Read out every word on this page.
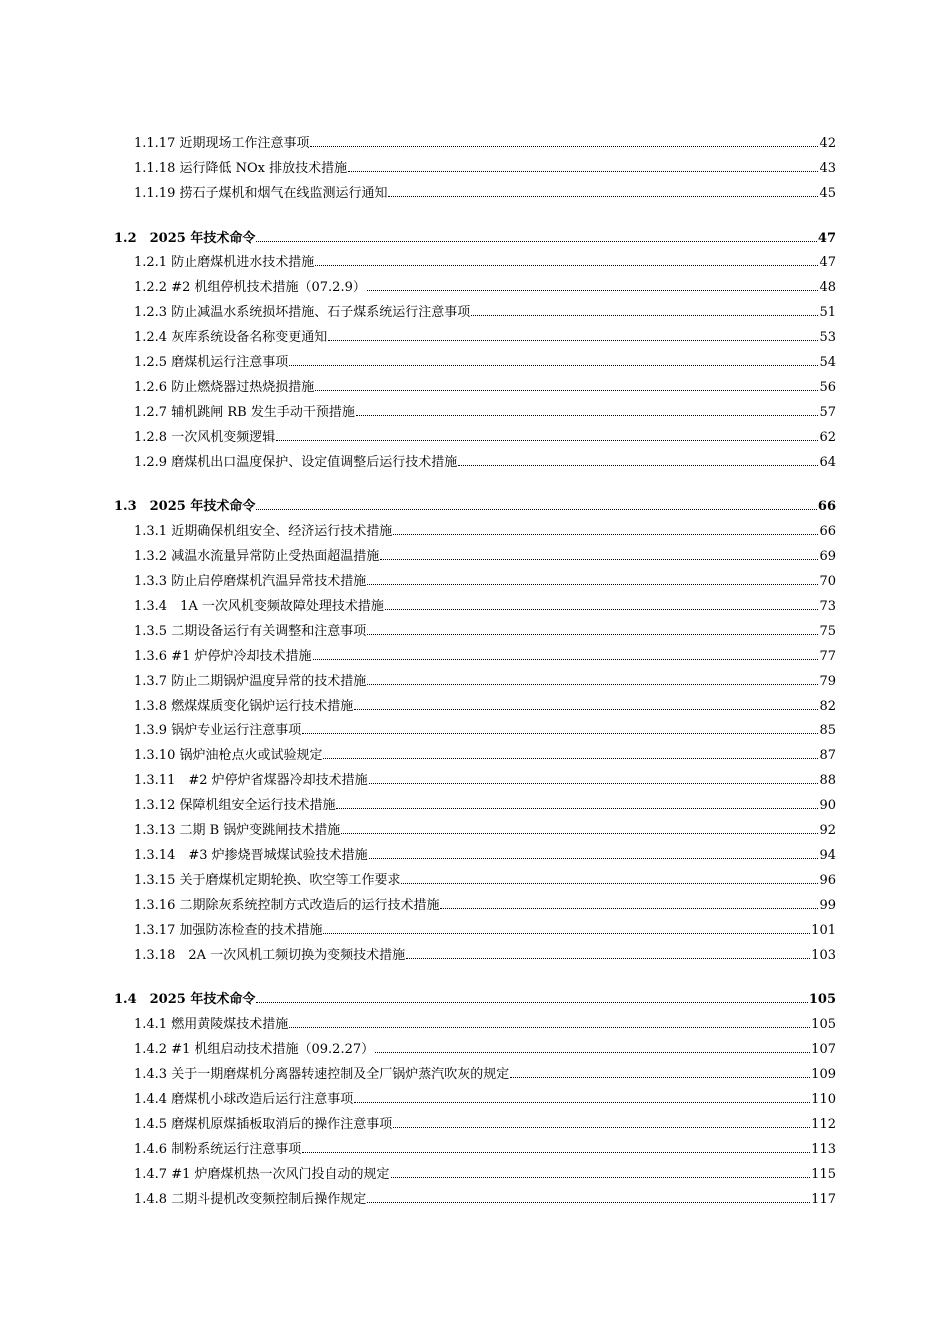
1.1.17 近期现场工作注意事项	42
1.1.18 运行降低 NOx 排放技术措施	43
1.1.19 捞石子煤机和烟气在线监测运行通知	45
1.2　2025 年技术命令	47
1.2.1 防止磨煤机进水技术措施	47
1.2.2 #2 机组停机技术措施（07.2.9）	48
1.2.3 防止减温水系统损坏措施、石子煤系统运行注意事项	51
1.2.4 灰库系统设备名称变更通知	53
1.2.5 磨煤机运行注意事项	54
1.2.6 防止燃烧器过热烧损措施	56
1.2.7 辅机跳闸 RB 发生手动干预措施	57
1.2.8 一次风机变频逻辑	62
1.2.9 磨煤机出口温度保护、设定值调整后运行技术措施	64
1.3　2025 年技术命令	66
1.3.1 近期确保机组安全、经济运行技术措施	66
1.3.2 减温水流量异常防止受热面超温措施	69
1.3.3 防止启停磨煤机汽温异常技术措施	70
1.3.4　1A 一次风机变频故障处理技术措施	73
1.3.5 二期设备运行有关调整和注意事项	75
1.3.6 #1 炉停炉冷却技术措施	77
1.3.7 防止二期锅炉温度异常的技术措施	79
1.3.8 燃煤煤质变化锅炉运行技术措施	82
1.3.9 锅炉专业运行注意事项	85
1.3.10 锅炉油枪点火或试验规定	87
1.3.11　#2 炉停炉省煤器冷却技术措施	88
1.3.12 保障机组安全运行技术措施	90
1.3.13 二期 B 锅炉变跳闸技术措施	92
1.3.14　#3 炉掺烧晋城煤试验技术措施	94
1.3.15 关于磨煤机定期轮换、吹空等工作要求	96
1.3.16 二期除灰系统控制方式改造后的运行技术措施	99
1.3.17 加强防冻检查的技术措施	101
1.3.18　2A 一次风机工频切换为变频技术措施	103
1.4　2025 年技术命令	105
1.4.1 燃用黄陵煤技术措施	105
1.4.2 #1 机组启动技术措施（09.2.27）	107
1.4.3 关于一期磨煤机分离器转速控制及全厂锅炉蒸汽吹灰的规定	109
1.4.4 磨煤机小球改造后运行注意事项	110
1.4.5 磨煤机原煤插板取消后的操作注意事项	112
1.4.6 制粉系统运行注意事项	113
1.4.7 #1 炉磨煤机热一次风门投自动的规定	115
1.4.8 二期斗提机改变频控制后操作规定	117
